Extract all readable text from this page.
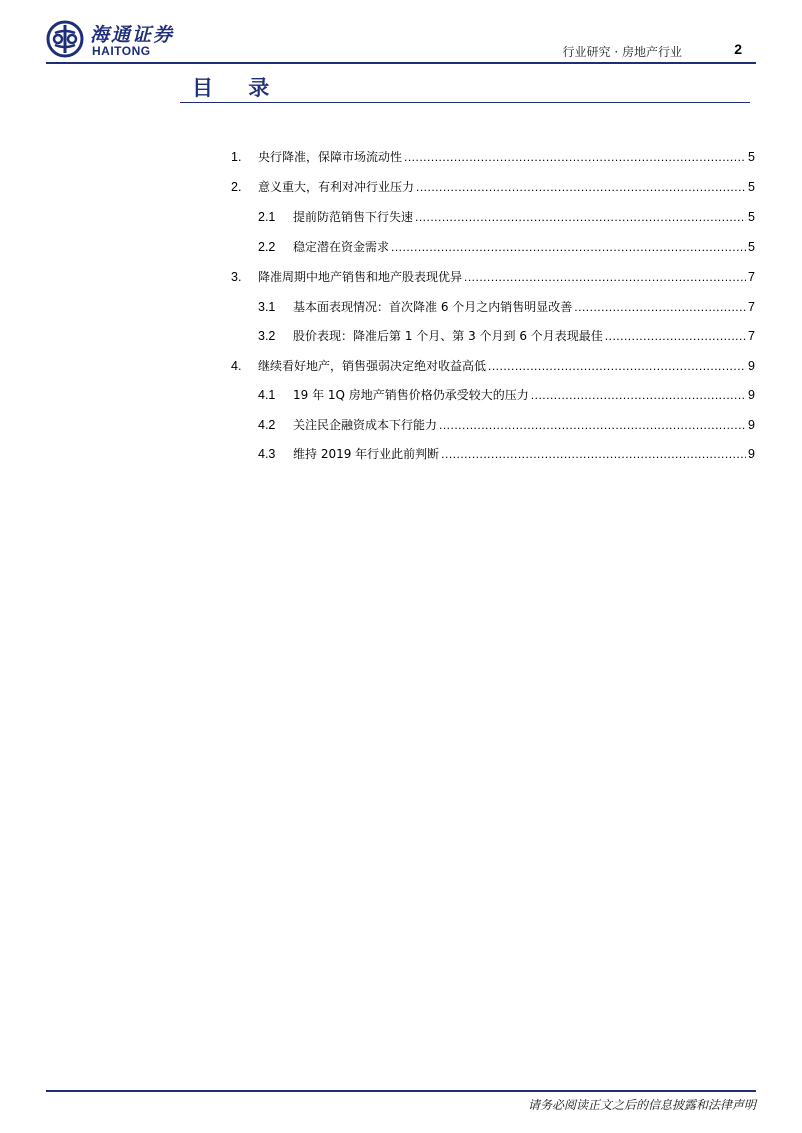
海通证券
HAITONG	行业研究 · 房地产行业	2
目 录
1. 央行降准，保障市场流动性 .....	5
2. 意义重大，有利对冲行业压力 .....	5
2.1 提前防范销售下行失速 .....	5
2.2 稳定潜在资金需求 .....	5
3. 降准周期中地产销售和地产股表现优异 .....	7
3.1 基本面表现情况：首次降准 6 个月之内销售明显改善 .....	7
3.2 股价表现：降准后第 1 个月、第 3 个月到 6 个月表现最佳 .....	7
4. 继续看好地产，销售强弱决定绝对收益高低 .....	9
4.1 19 年 1Q 房地产销售价格仍承受较大的压力 .....	9
4.2 关注民企融资成本下行能力 .....	9
4.3 维持 2019 年行业此前判断 .....	9
请务必阅读正文之后的信息披露和法律声明
